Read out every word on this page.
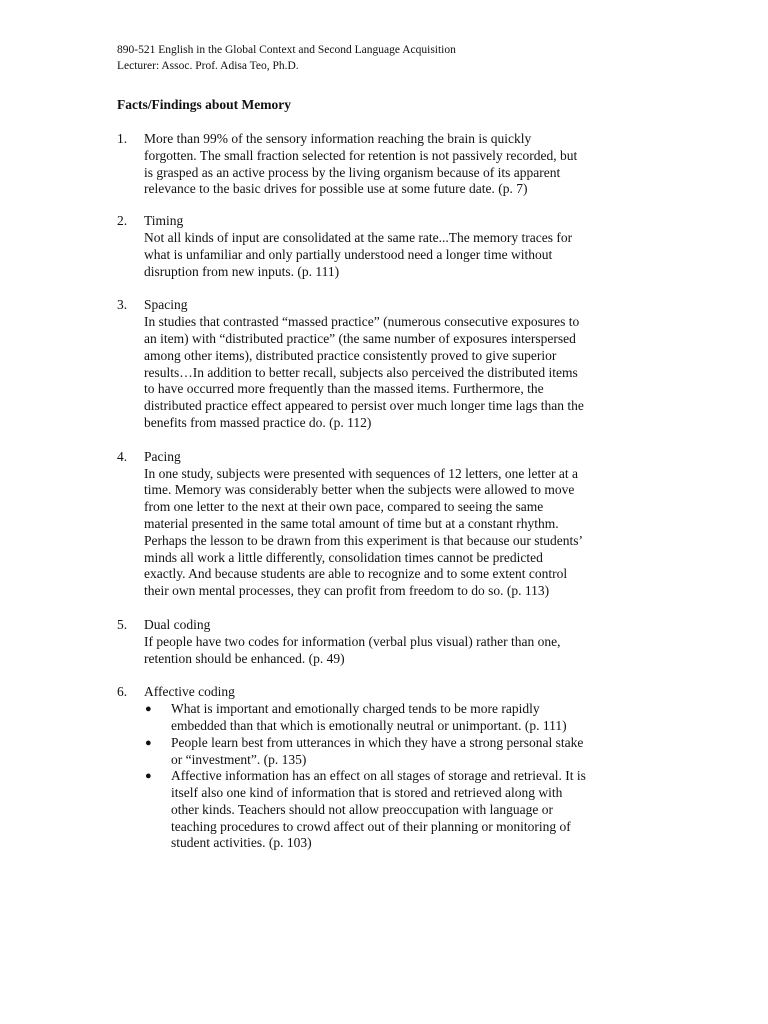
890-521 English in the Global Context and Second Language Acquisition
Lecturer: Assoc. Prof. Adisa Teo, Ph.D.
Facts/Findings about Memory
1. More than 99% of the sensory information reaching the brain is quickly
forgotten. The small fraction selected for retention is not passively recorded, but
is grasped as an active process by the living organism because of its apparent
relevance to the basic drives for possible use at some future date. (p. 7)
2. Timing
Not all kinds of input are consolidated at the same rate...The memory traces for
what is unfamiliar and only partially understood need a longer time without
disruption from new inputs. (p. 111)
3. Spacing
In studies that contrasted “massed practice” (numerous consecutive exposures to
an item) with “distributed practice” (the same number of exposures interspersed
among other items), distributed practice consistently proved to give superior
results…In addition to better recall, subjects also perceived the distributed items
to have occurred more frequently than the massed items. Furthermore, the
distributed practice effect appeared to persist over much longer time lags than the
benefits from massed practice do. (p. 112)
4. Pacing
In one study, subjects were presented with sequences of 12 letters, one letter at a
time. Memory was considerably better when the subjects were allowed to move
from one letter to the next at their own pace, compared to seeing the same
material presented in the same total amount of time but at a constant rhythm.
Perhaps the lesson to be drawn from this experiment is that because our students’
minds all work a little differently, consolidation times cannot be predicted
exactly. And because students are able to recognize and to some extent control
their own mental processes, they can profit from freedom to do so. (p. 113)
5. Dual coding
If people have two codes for information (verbal plus visual) rather than one,
retention should be enhanced. (p. 49)
6. Affective coding
● What is important and emotionally charged tends to be more rapidly
embedded than that which is emotionally neutral or unimportant. (p. 111)
● People learn best from utterances in which they have a strong personal stake
or “investment”. (p. 135)
● Affective information has an effect on all stages of storage and retrieval. It is
itself also one kind of information that is stored and retrieved along with
other kinds. Teachers should not allow preoccupation with language or
teaching procedures to crowd affect out of their planning or monitoring of
student activities. (p. 103)
